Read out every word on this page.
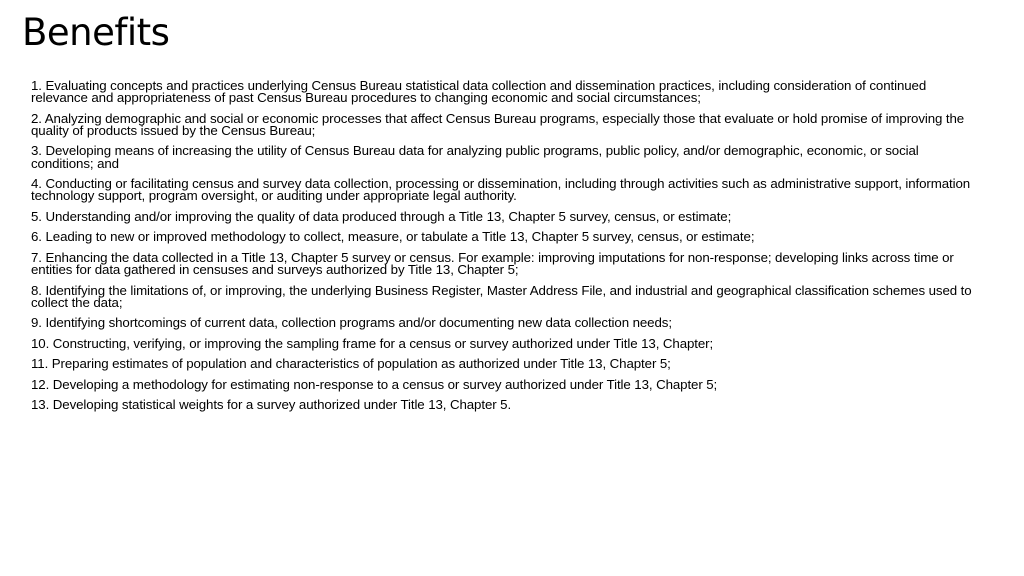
Benefits
1. Evaluating concepts and practices underlying Census Bureau statistical data collection and dissemination practices, including consideration of continued relevance and appropriateness of past Census Bureau procedures to changing economic and social circumstances;
2. Analyzing demographic and social or economic processes that affect Census Bureau programs, especially those that evaluate or hold promise of improving the quality of products issued by the Census Bureau;
3. Developing means of increasing the utility of Census Bureau data for analyzing public programs, public policy, and/or demographic, economic, or social conditions; and
4. Conducting or facilitating census and survey data collection, processing or dissemination, including through activities such as administrative support, information technology support, program oversight, or auditing under appropriate legal authority.
5. Understanding and/or improving the quality of data produced through a Title 13, Chapter 5 survey, census, or estimate;
6. Leading to new or improved methodology to collect, measure, or tabulate a Title 13, Chapter 5 survey, census, or estimate;
7. Enhancing the data collected in a Title 13, Chapter 5 survey or census. For example: improving imputations for non-response; developing links across time or entities for data gathered in censuses and surveys authorized by Title 13, Chapter 5;
8. Identifying the limitations of, or improving, the underlying Business Register, Master Address File, and industrial and geographical classification schemes used to collect the data;
9. Identifying shortcomings of current data, collection programs and/or documenting new data collection needs;
10. Constructing, verifying, or improving the sampling frame for a census or survey authorized under Title 13, Chapter;
11. Preparing estimates of population and characteristics of population as authorized under Title 13, Chapter 5;
12. Developing a methodology for estimating non-response to a census or survey authorized under Title 13, Chapter 5;
13. Developing statistical weights for a survey authorized under Title 13, Chapter 5.
